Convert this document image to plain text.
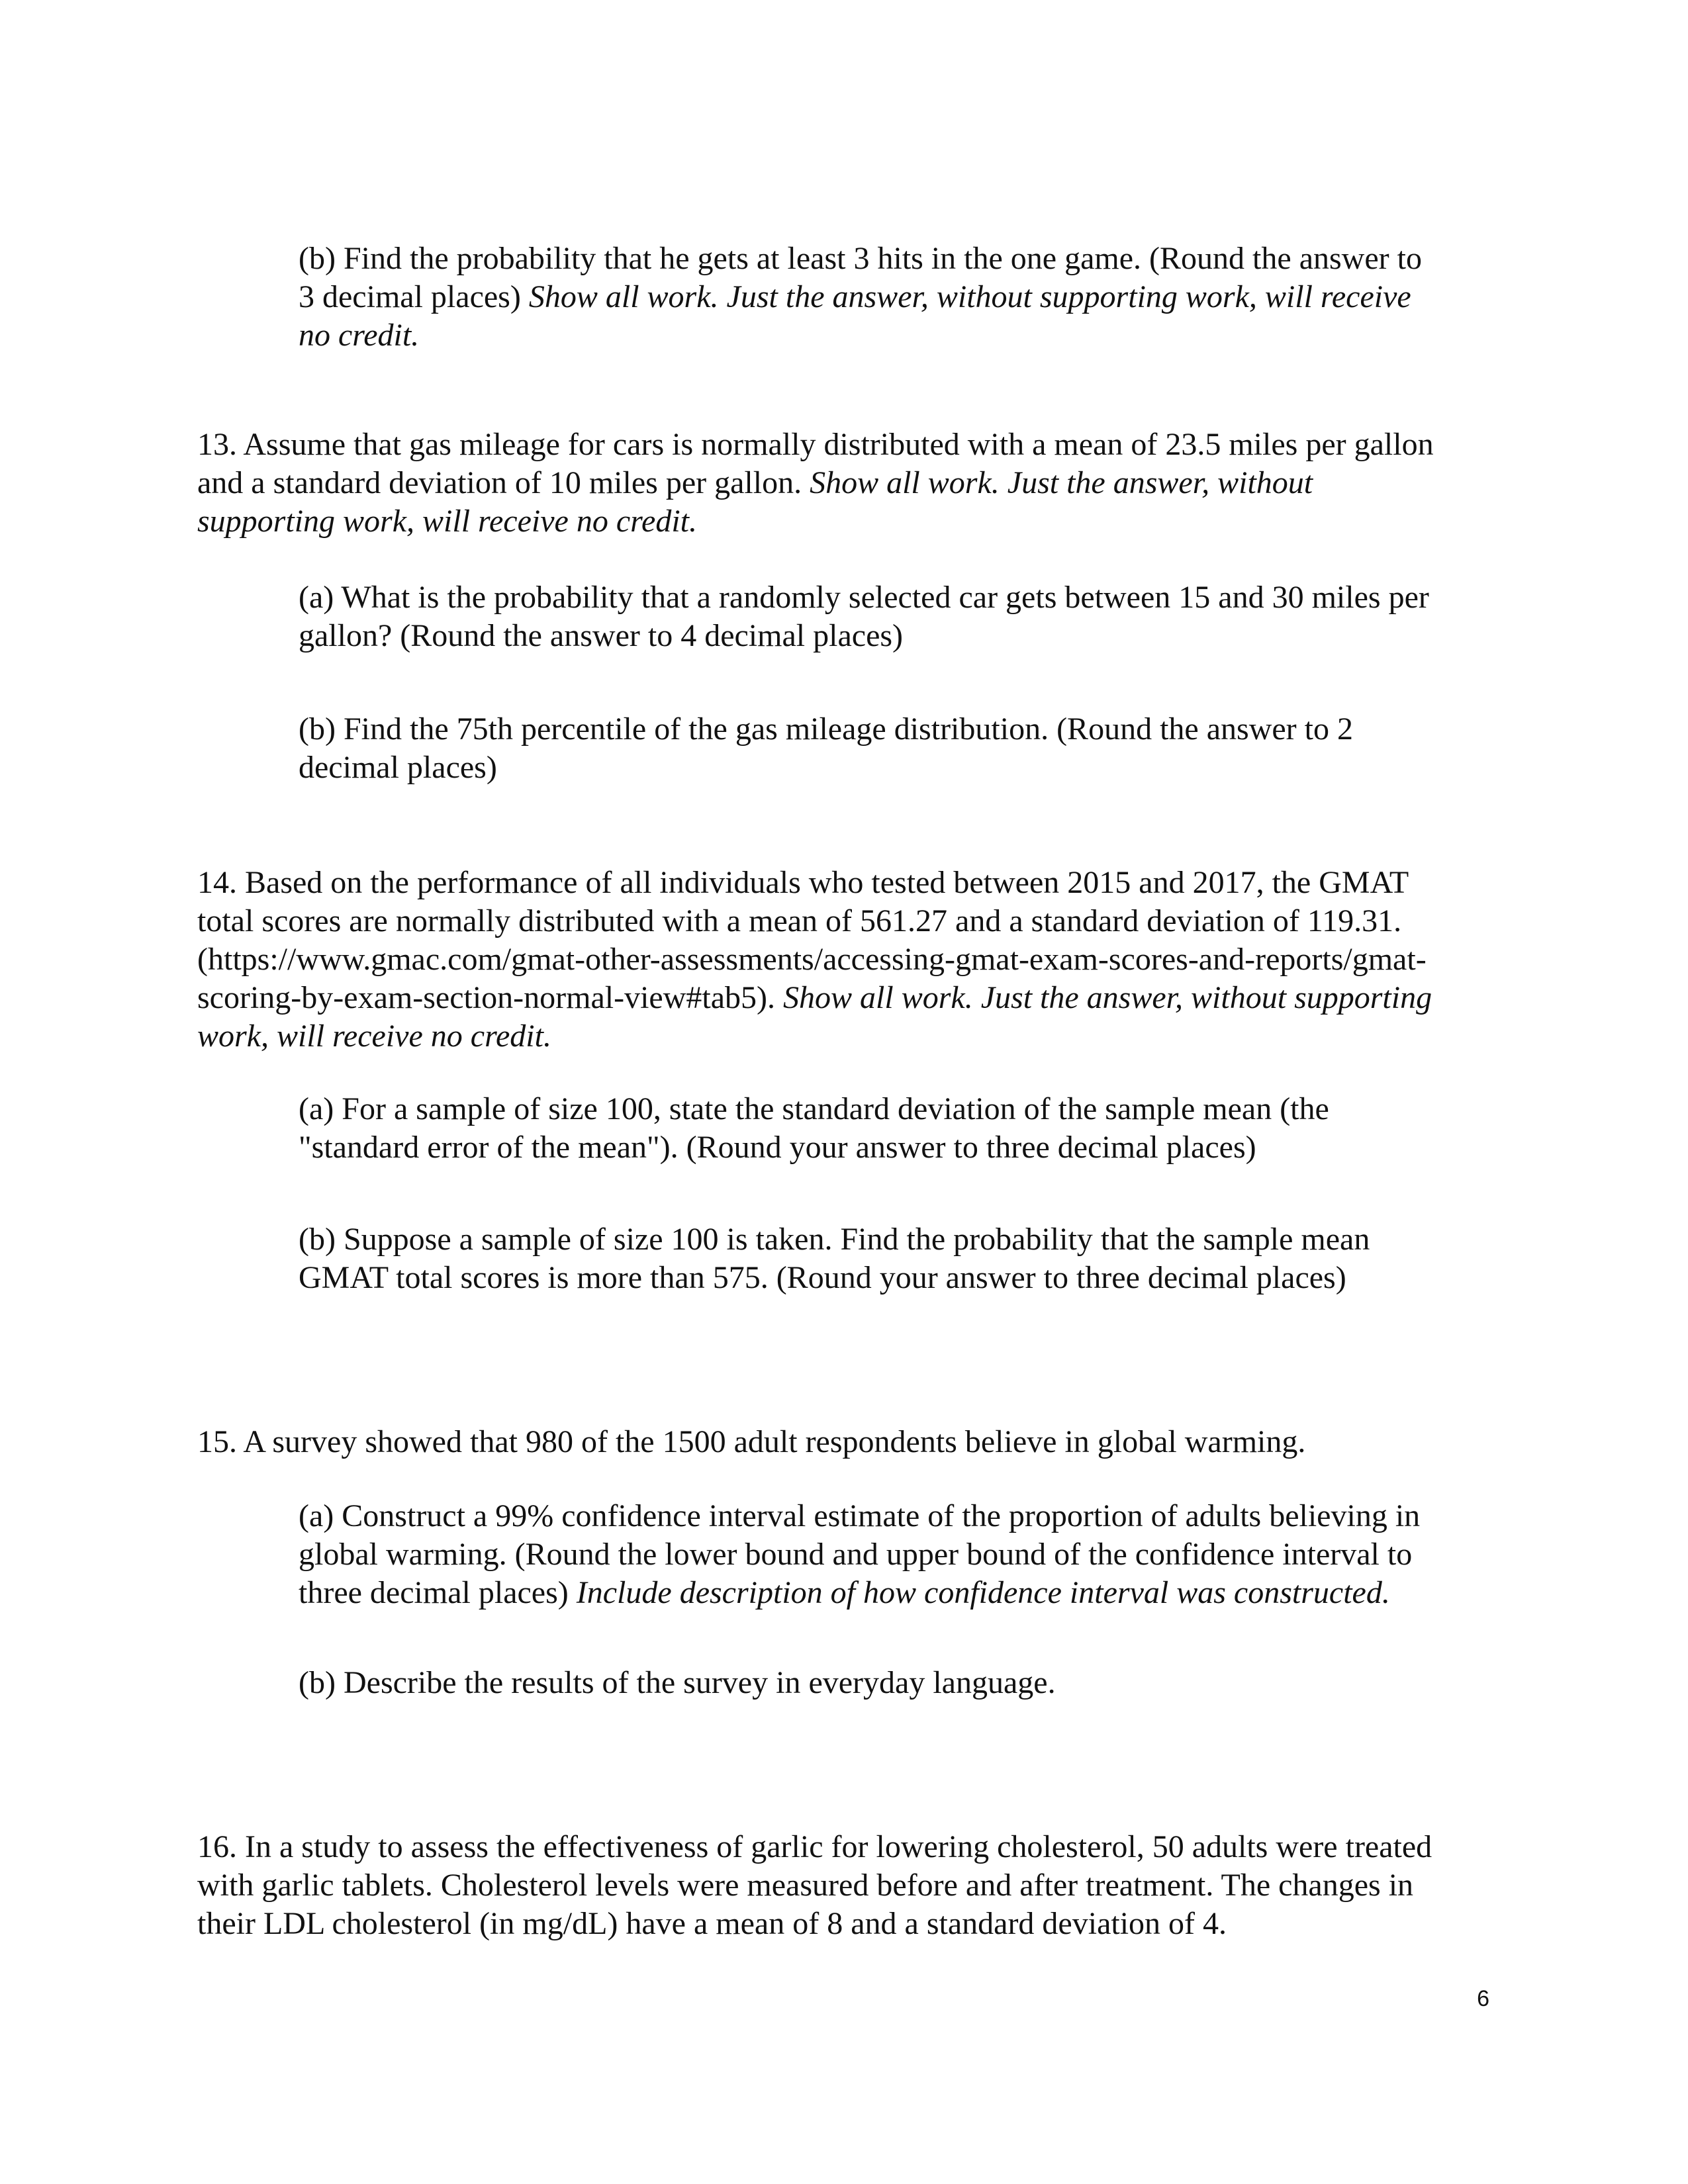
(b) Find the probability that he gets at least 3 hits in the one game. (Round the answer to
3 decimal places) Show all work. Just the answer, without supporting work, will receive
no credit.
13. Assume that gas mileage for cars is normally distributed with a mean of 23.5 miles per gallon
and a standard deviation of 10 miles per gallon. Show all work. Just the answer, without
supporting work, will receive no credit.
(a) What is the probability that a randomly selected car gets between 15 and 30 miles per
gallon? (Round the answer to 4 decimal places)
(b) Find the 75th percentile of the gas mileage distribution. (Round the answer to 2
decimal places)
14. Based on the performance of all individuals who tested between 2015 and 2017, the GMAT
total scores are normally distributed with a mean of 561.27 and a standard deviation of 119.31.
(https://www.gmac.com/gmat-other-assessments/accessing-gmat-exam-scores-and-reports/gmat-
scoring-by-exam-section-normal-view#tab5). Show all work. Just the answer, without supporting
work, will receive no credit.
(a) For a sample of size 100, state the standard deviation of the sample mean (the
"standard error of the mean"). (Round your answer to three decimal places)
(b) Suppose a sample of size 100 is taken. Find the probability that the sample mean
GMAT total scores is more than 575. (Round your answer to three decimal places)
15. A survey showed that 980 of the 1500 adult respondents believe in global warming.
(a) Construct a 99% confidence interval estimate of the proportion of adults believing in
global warming. (Round the lower bound and upper bound of the confidence interval to
three decimal places) Include description of how confidence interval was constructed.
(b) Describe the results of the survey in everyday language.
16. In a study to assess the effectiveness of garlic for lowering cholesterol, 50 adults were treated
with garlic tablets. Cholesterol levels were measured before and after treatment. The changes in
their LDL cholesterol (in mg/dL) have a mean of 8 and a standard deviation of 4.
6
